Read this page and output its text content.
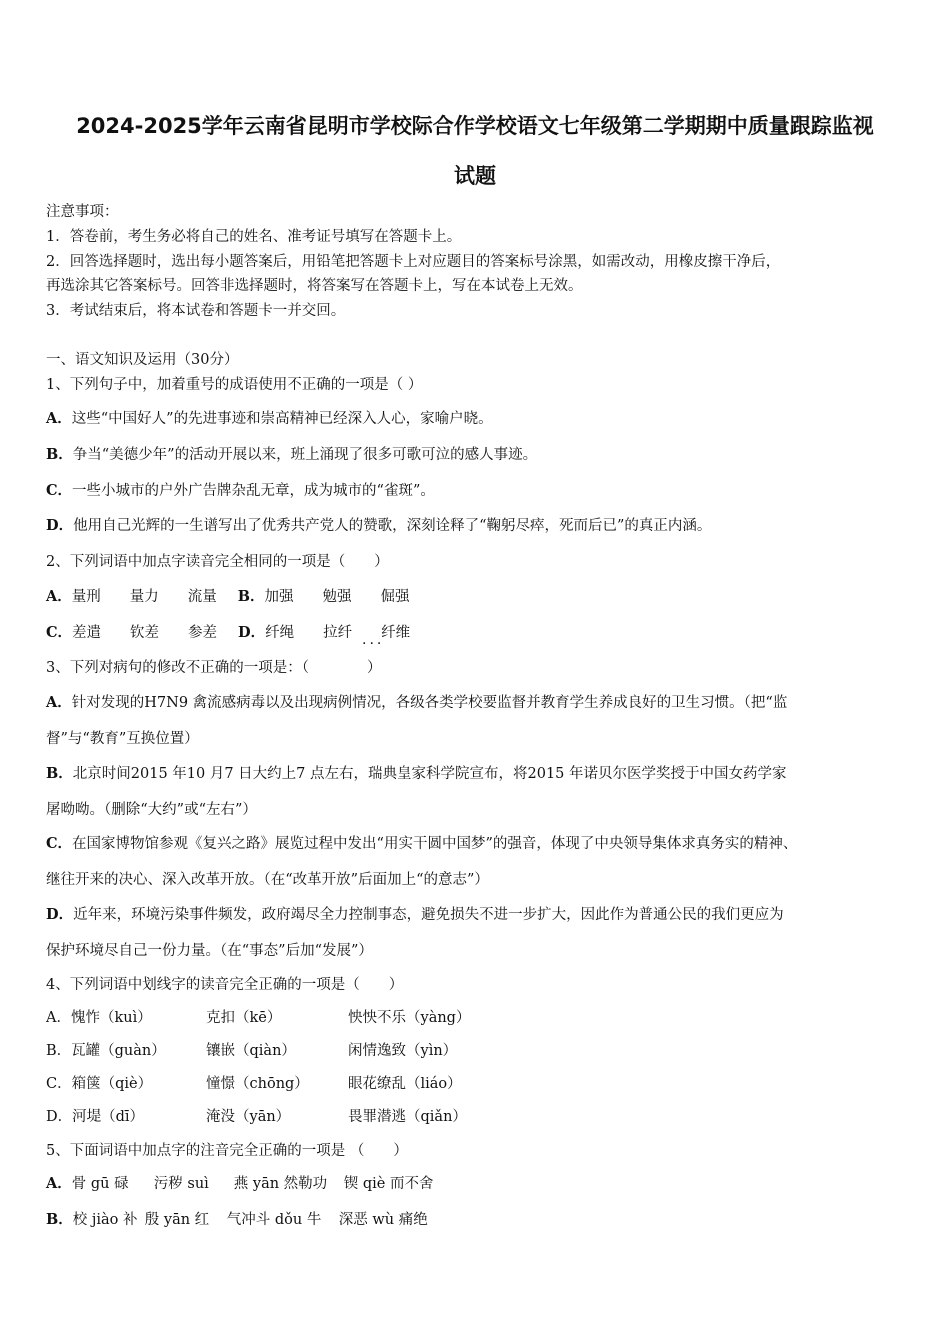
2024-2025学年云南省昆明市学校际合作学校语文七年级第二学期期中质量跟踪监视
试题
注意事项：
1．答卷前，考生务必将自己的姓名、准考证号填写在答题卡上。
2．回答选择题时，选出每小题答案后，用铅笔把答题卡上对应题目的答案标号涂黑，如需改动，用橡皮擦干净后，
再选涂其它答案标号。回答非选择题时，将答案写在答题卡上，写在本试卷上无效。
3．考试结束后，将本试卷和答题卡一并交回。
一、语文知识及运用（30分）
1、下列句子中，加着重号的成语使用不正确的一项是（ ）
A．这些“中国好人”的先进事迹和崇高精神已经深入人心，家喻户晓。
B．争当“美德少年”的活动开展以来，班上涌现了很多可歌可泣的感人事迹。
C．一些小城市的户外广告牌杂乱无章，成为城市的“雀斑”。
D．他用自己光辉的一生谱写出了优秀共产党人的赞歌，深刻诠释了“鞠躬尽瘁，死而后已”的真正内涵。
2、下列词语中加点字读音完全相同的一项是（　　）
A．量刑 量力 流量 B．加强 勉强 倔强
C．差遣 钦差 参差 D．纤绳 拉纤 纤维
...
3、下列对病句的修改不正确的一项是：（　　　　）
A．针对发现的H7N9 禽流感病毒以及出现病例情况，各级各类学校要监督并教育学生养成良好的卫生习惯。（把“监
督”与“教育”互换位置）
B．北京时间2015 年10 月7 日大约上7 点左右，瑞典皇家科学院宣布，将2015 年诺贝尔医学奖授于中国女药学家
屠呦呦。（删除“大约”或“左右”）
C．在国家博物馆参观《复兴之路》展览过程中发出“用实干圆中国梦”的强音，体现了中央领导集体求真务实的精神、
继往开来的决心、深入改革开放。（在“改革开放”后面加上“的意志”）
D．近年来，环境污染事件频发，政府竭尽全力控制事态，避免损失不进一步扩大，因此作为普通公民的我们更应为
保护环境尽自己一份力量。（在“事态”后加“发展”）
4、下列词语中划线字的读音完全正确的一项是（　　）
A．愧怍（kuì）	克扣（kē）	怏怏不乐（yàng）
B．瓦罐（guàn）	镶嵌（qiàn）	闲情逸致（yìn）
C．箱箧（qiè）	憧憬（chōng）	眼花缭乱（liáo）
D．河堤（dī）	淹没（yān）	畏罪潜逃（qiǎn）
5、下面词语中加点字的注音完全正确的一项是 （　　）
A．骨 gū 碌 污秽 suì 燕 yān 然勒功 锲 qiè 而不舍
B．校 jiào 补 殷 yān 红 气冲斗 dǒu 牛 深恶 wù 痛绝
